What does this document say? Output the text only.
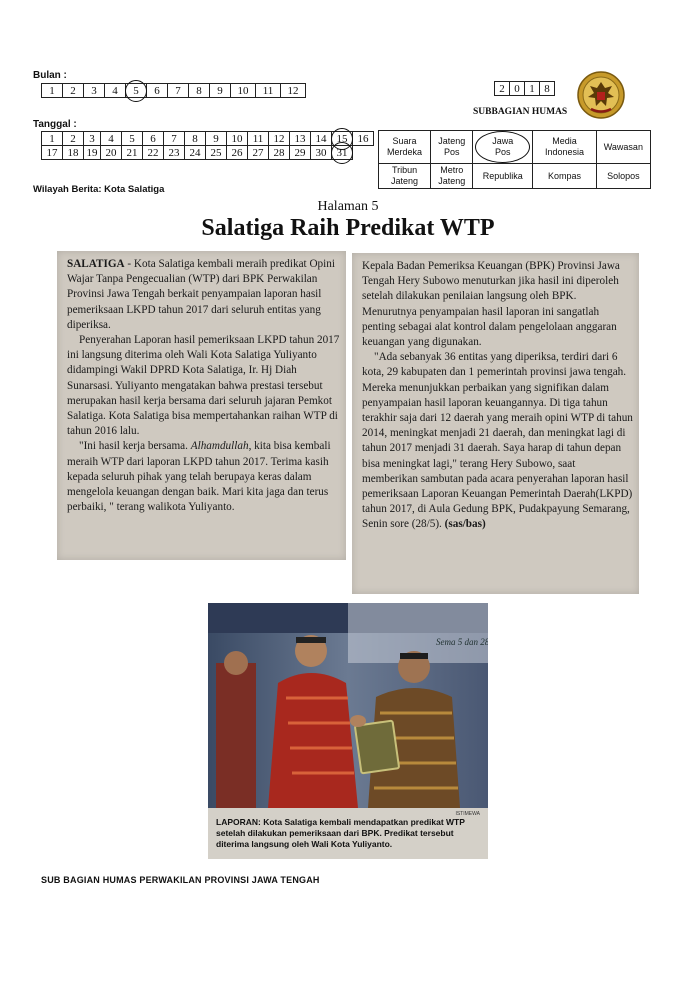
Bulan :
1	2	3	4	5	6	7	8	9	10	11	12
Tanggal :
1	2	3	4	5	6	7	8	9	10	11	12	13	14	15	16
17	18	19	20	21	22	23	24	25	26	27	28	29	30	31	
Wilayah Berita: Kota Salatiga
2	0	1	8
SUBBAGIAN HUMAS
Suara Merdeka	Jateng Pos	Jawa Pos	Media Indonesia	Wawasan
Tribun Jateng	Metro Jateng	Republika	Kompas	Solopos
Halaman 5
Salatiga Raih Predikat WTP

SALATIGA - Kota Salatiga kembali meraih predikat Opini Wajar Tanpa Pengecualian (WTP) dari BPK Perwakilan Provinsi Jawa Tengah berkait penyampaian laporan hasil pemeriksaan LKPD tahun 2017 dari seluruh entitas yang diperiksa.

Penyerahan Laporan hasil pemeriksaan LKPD tahun 2017 ini langsung diterima oleh Wali Kota Salatiga Yuliyanto didampingi Wakil DPRD Kota Salatiga, Ir. Hj Diah Sunarsasi. Yuliyanto mengatakan bahwa prestasi tersebut merupakan hasil kerja bersama dari seluruh jajaran Pemkot Salatiga. Kota Salatiga bisa mempertahankan raihan WTP di tahun 2016 lalu.

"Ini hasil kerja bersama. Alhamdullah, kita bisa kembali meraih WTP dari laporan LKPD tahun 2017. Terima kasih kepada seluruh pihak yang telah berupaya keras dalam mengelola keuangan dengan baik. Mari kita jaga dan terus perbaiki, " terang walikota Yuliyanto.

Kepala Badan Pemeriksa Keuangan (BPK) Provinsi Jawa Tengah Hery Subowo menuturkan jika hasil ini diperoleh setelah dilakukan penilaian langsung oleh BPK. Menurutnya penyampaian hasil laporan ini sangatlah penting sebagai alat kontrol dalam pengelolaan anggaran keuangan yang digunakan.

"Ada sebanyak 36 entitas yang diperiksa, terdiri dari 6 kota, 29 kabupaten dan 1 pemerintah provinsi jawa tengah. Mereka menunjukkan perbaikan yang signifikan dalam penyampaian hasil laporan keuangannya. Di tiga tahun terakhir saja dari 12 daerah yang meraih opini WTP di tahun 2014, meningkat menjadi 21 daerah, dan meningkat lagi di tahun 2017 menjadi 31 daerah. Saya harap di tahun depan bisa meningkat lagi," terang Hery Subowo, saat memberikan sambutan pada acara penyerahan laporan hasil pemeriksaan Laporan Keuangan Pemerintah Daerah(LKPD) tahun 2017, di Aula Gedung BPK, Pudakpayung Semarang, Senin sore (28/5). (sas/bas)

Sema 5 dan 28
ISTIMEWA
LAPORAN: Kota Salatiga kembali mendapatkan predikat WTP setelah dilakukan pemeriksaan dari BPK. Predikat tersebut diterima langsung oleh Wali Kota Yuliyanto.
SUB BAGIAN HUMAS PERWAKILAN PROVINSI JAWA TENGAH
